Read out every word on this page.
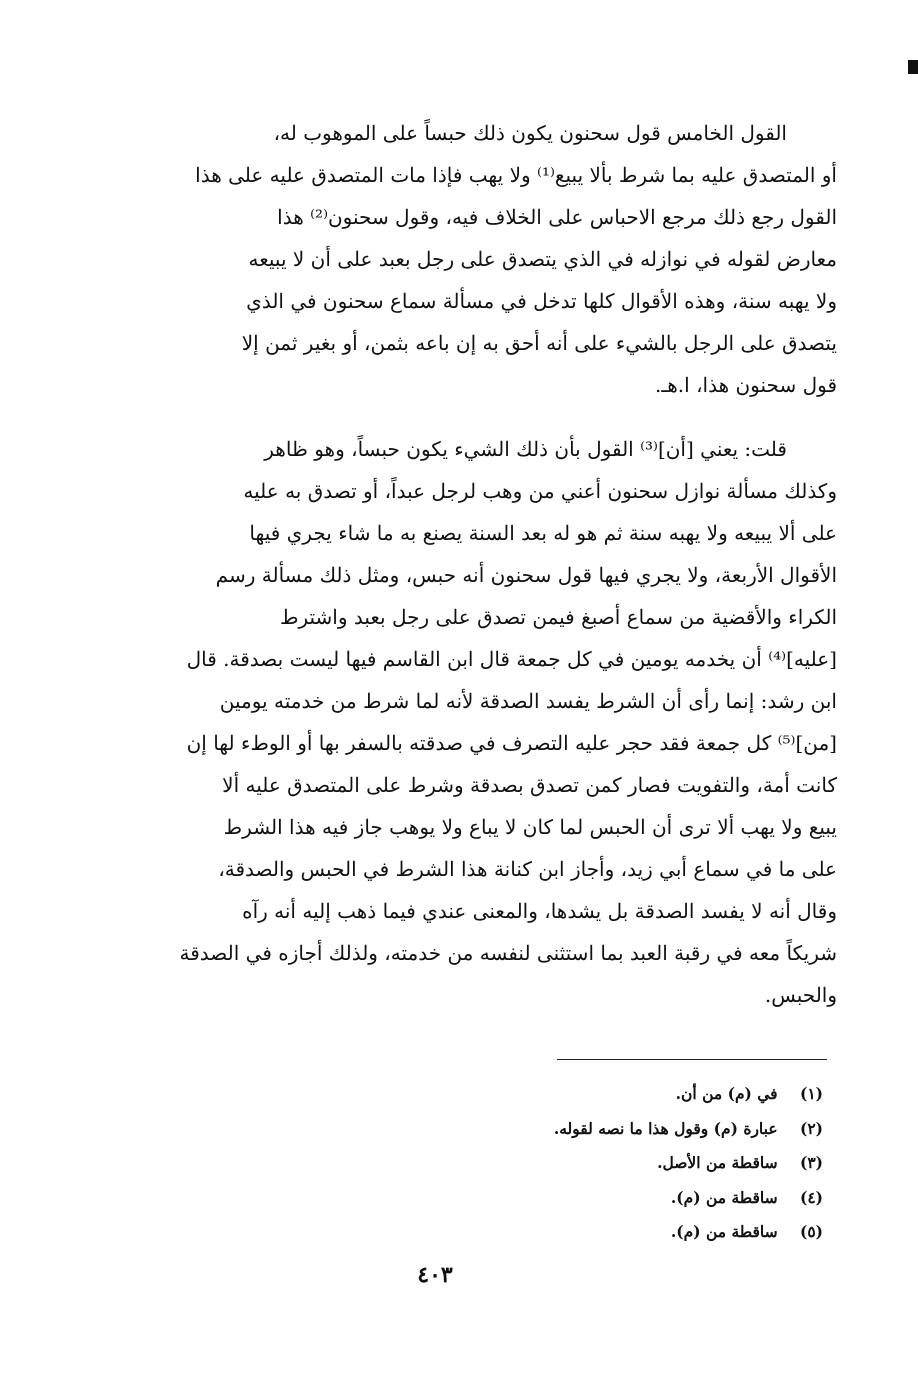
القول الخامس قول سحنون يكون ذلك حبساً على الموهوب له،
أو المتصدق عليه بما شرط بألا يبيع⁽¹⁾ ولا يهب فإذا مات المتصدق عليه على هذا
القول رجع ذلك مرجع الاحباس على الخلاف فيه، وقول سحنون⁽²⁾ هذا
معارض لقوله في نوازله في الذي يتصدق على رجل بعبد على أن لا يبيعه
ولا يهبه سنة، وهذه الأقوال كلها تدخل في مسألة سماع سحنون في الذي
يتصدق على الرجل بالشيء على أنه أحق به إن باعه بثمن، أو بغير ثمن إلا
قول سحنون هذا، ا.هـ.
قلت: يعني [أن]⁽³⁾ القول بأن ذلك الشيء يكون حبساً، وهو ظاهر
وكذلك مسألة نوازل سحنون أعني من وهب لرجل عبداً، أو تصدق به عليه
على ألا يبيعه ولا يهبه سنة ثم هو له بعد السنة يصنع به ما شاء يجري فيها
الأقوال الأربعة، ولا يجري فيها قول سحنون أنه حبس، ومثل ذلك مسألة رسم
الكراء والأقضية من سماع أصبغ فيمن تصدق على رجل بعبد واشترط
[عليه]⁽⁴⁾ أن يخدمه يومين في كل جمعة قال ابن القاسم فيها ليست بصدقة. قال
ابن رشد: إنما رأى أن الشرط يفسد الصدقة لأنه لما شرط من خدمته يومين
[من]⁽⁵⁾ كل جمعة فقد حجر عليه التصرف في صدقته بالسفر بها أو الوطء لها إن
كانت أمة، والتفويت فصار كمن تصدق بصدقة وشرط على المتصدق عليه ألا
يبيع ولا يهب ألا ترى أن الحبس لما كان لا يباع ولا يوهب جاز فيه هذا الشرط
على ما في سماع أبي زيد، وأجاز ابن كنانة هذا الشرط في الحبس والصدقة،
وقال أنه لا يفسد الصدقة بل يشدها، والمعنى عندي فيما ذهب إليه أنه رآه
شريكاً معه في رقبة العبد بما استثنى لنفسه من خدمته، ولذلك أجازه في الصدقة
والحبس.
(١) في (م) من أن.
(٢) عبارة (م) وقول هذا ما نصه لقوله.
(٣) ساقطة من الأصل.
(٤) ساقطة من (م).
(٥) ساقطة من (م).
٤٠٣
